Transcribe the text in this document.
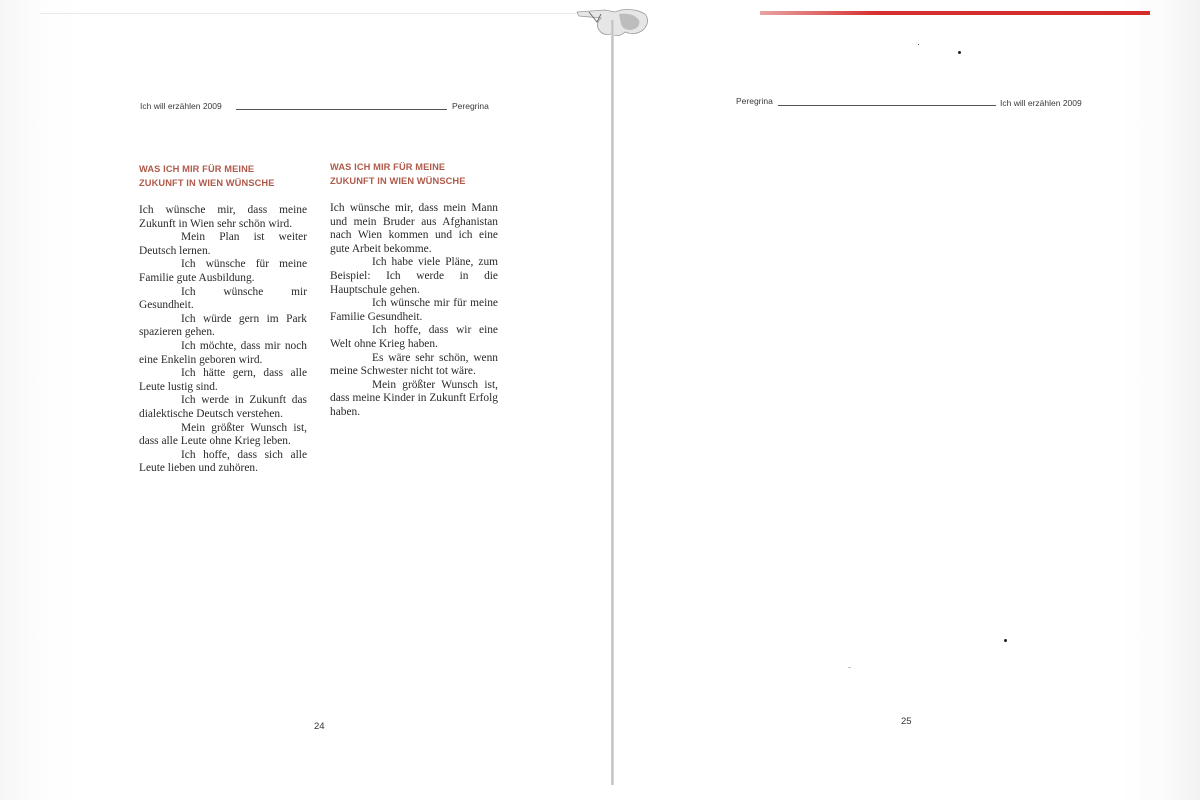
Ich will erzählen 2009	Peregrina
WAS ICH MIR FÜR MEINE
ZUKUNFT IN WIEN WÜNSCHE

Ich wünsche mir, dass meine Zukunft in Wien sehr schön wird.

Mein Plan ist weiter Deutsch lernen.

Ich wünsche für meine Familie gute Ausbildung.

Ich wünsche mir Gesundheit.

Ich würde gern im Park spazieren gehen.

Ich möchte, dass mir noch eine Enkelin geboren wird.

Ich hätte gern, dass alle Leute lustig sind.

Ich werde in Zukunft das dialektische Deutsch verstehen.

Mein größter Wunsch ist, dass alle Leute ohne Krieg leben.

Ich hoffe, dass sich alle Leute lieben und zuhören.

WAS ICH MIR FÜR MEINE
ZUKUNFT IN WIEN WÜNSCHE

Ich wünsche mir, dass mein Mann und mein Bruder aus Afghanistan nach Wien kommen und ich eine gute Arbeit bekomme.

Ich habe viele Pläne, zum Beispiel: Ich werde in die Hauptschule gehen.

Ich wünsche mir für meine Familie Gesundheit.

Ich hoffe, dass wir eine Welt ohne Krieg haben.

Es wäre sehr schön, wenn meine Schwester nicht tot wäre.

Mein größter Wunsch ist, dass meine Kinder in Zukunft Erfolg haben.

24
Peregrina	Ich will erzählen 2009
25
